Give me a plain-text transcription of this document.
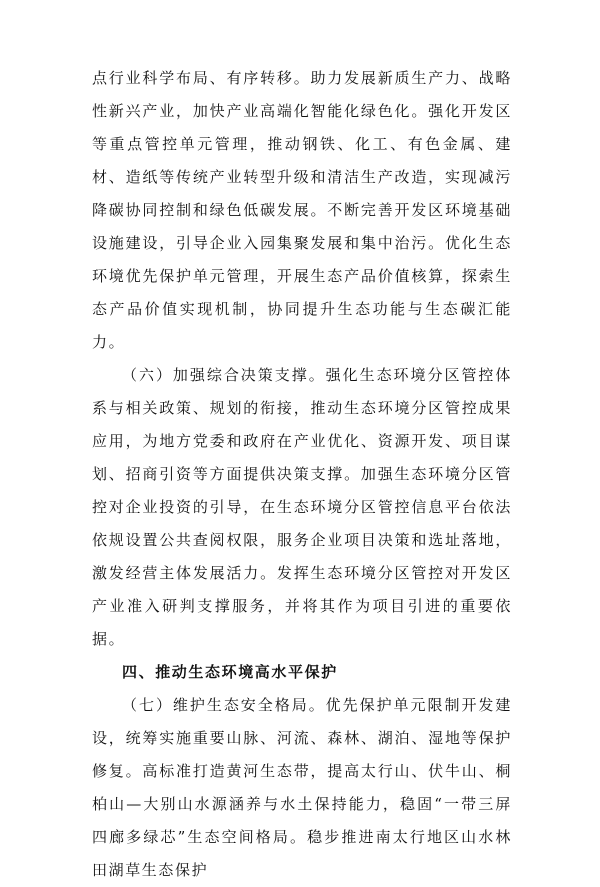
点行业科学布局、有序转移。助力发展新质生产力、战略性新兴产业，加快产业高端化智能化绿色化。强化开发区等重点管控单元管理，推动钢铁、化工、有色金属、建材、造纸等传统产业转型升级和清洁生产改造，实现减污降碳协同控制和绿色低碳发展。不断完善开发区环境基础设施建设，引导企业入园集聚发展和集中治污。优化生态环境优先保护单元管理，开展生态产品价值核算，探索生态产品价值实现机制，协同提升生态功能与生态碳汇能力。

（六）加强综合决策支撑。强化生态环境分区管控体系与相关政策、规划的衔接，推动生态环境分区管控成果应用，为地方党委和政府在产业优化、资源开发、项目谋划、招商引资等方面提供决策支撑。加强生态环境分区管控对企业投资的引导，在生态环境分区管控信息平台依法依规设置公共查阅权限，服务企业项目决策和选址落地，激发经营主体发展活力。发挥生态环境分区管控对开发区产业准入研判支撑服务，并将其作为项目引进的重要依据。

四、推动生态环境高水平保护

（七）维护生态安全格局。优先保护单元限制开发建设，统筹实施重要山脉、河流、森林、湖泊、湿地等保护修复。高标准打造黄河生态带，提高太行山、伏牛山、桐柏山—大别山水源涵养与水土保持能力，稳固“一带三屏四廊多绿芯”生态空间格局。稳步推进南太行地区山水林田湖草生态保护
